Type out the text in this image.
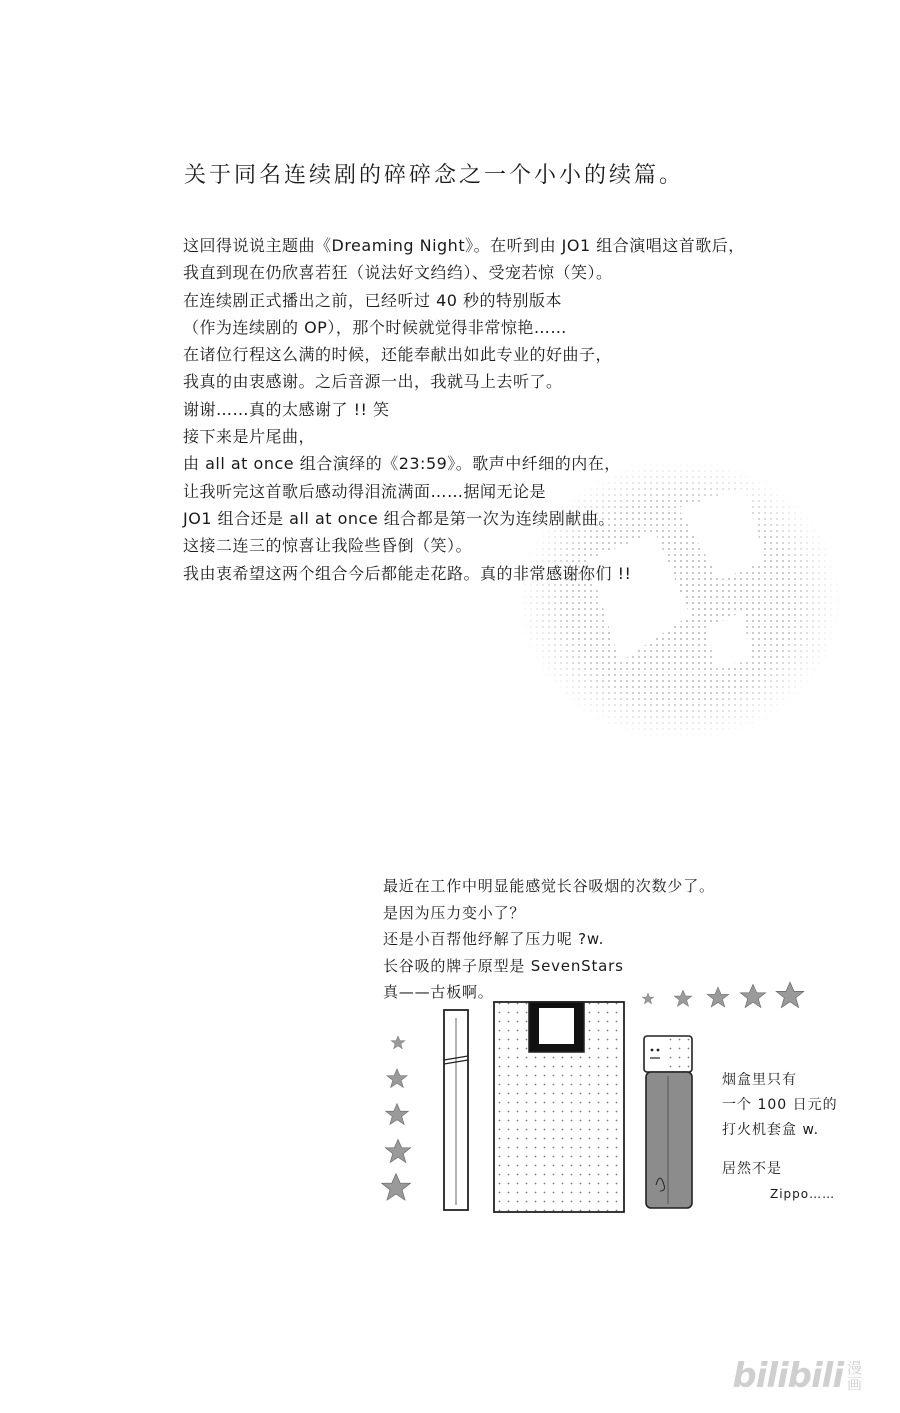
关于同名连续剧的碎碎念之一个小小的续篇。
这回得说说主题曲《Dreaming Night》。在听到由 JO1 组合演唱这首歌后，
我直到现在仍欣喜若狂（说法好文绉绉）、受宠若惊（笑）。
在连续剧正式播出之前，已经听过 40 秒的特别版本
（作为连续剧的 OP），那个时候就觉得非常惊艳……
在诸位行程这么满的时候，还能奉献出如此专业的好曲子，
我真的由衷感谢。之后音源一出，我就马上去听了。
谢谢……真的太感谢了 !! 笑
接下来是片尾曲，
由 all at once 组合演绎的《23:59》。歌声中纤细的内在，
让我听完这首歌后感动得泪流满面……据闻无论是
JO1 组合还是 all at once 组合都是第一次为连续剧献曲。
这接二连三的惊喜让我险些昏倒（笑）。
我由衷希望这两个组合今后都能走花路。真的非常感谢你们 !!
最近在工作中明显能感觉长谷吸烟的次数少了。
是因为压力变小了？
还是小百帮他纾解了压力呢 ?w.
长谷吸的牌子原型是 SevenStars
真——古板啊。
烟盒里只有
一个 100 日元的
打火机套盒 w.
居然不是
Zippo……
bilibili 漫
画
